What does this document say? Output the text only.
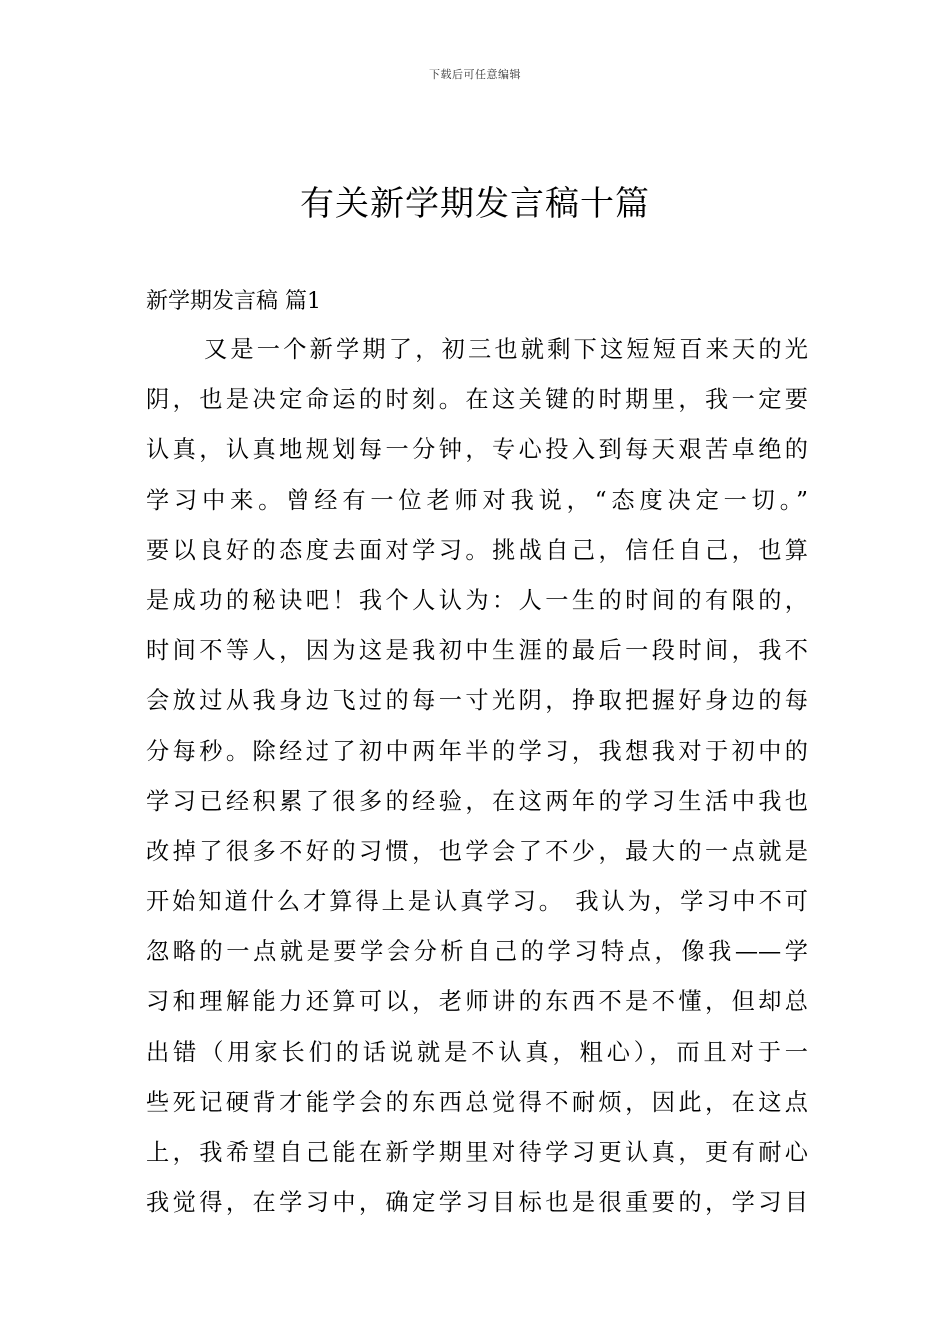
下载后可任意编辑
有关新学期发言稿十篇
新学期发言稿 篇1
又是一个新学期了，初三也就剩下这短短百来天的光
阴，也是决定命运的时刻。在这关键的时期里，我一定要
认真，认真地规划每一分钟，专心投入到每天艰苦卓绝的
学习中来。曾经有一位老师对我说，“态度决定一切。”
要以良好的态度去面对学习。挑战自己，信任自己，也算
是成功的秘诀吧！我个人认为：人一生的时间的有限的，
时间不等人，因为这是我初中生涯的最后一段时间，我不
会放过从我身边飞过的每一寸光阴，挣取把握好身边的每
分每秒。除经过了初中两年半的学习，我想我对于初中的
学习已经积累了很多的经验，在这两年的学习生活中我也
改掉了很多不好的习惯，也学会了不少，最大的一点就是
开始知道什么才算得上是认真学习。 我认为，学习中不可
忽略的一点就是要学会分析自己的学习特点，像我——学
习和理解能力还算可以，老师讲的东西不是不懂，但却总
出错（用家长们的话说就是不认真，粗心），而且对于一
些死记硬背才能学会的东西总觉得不耐烦，因此，在这点
上，我希望自己能在新学期里对待学习更认真，更有耐心
我觉得，在学习中，确定学习目标也是很重要的，学习目
